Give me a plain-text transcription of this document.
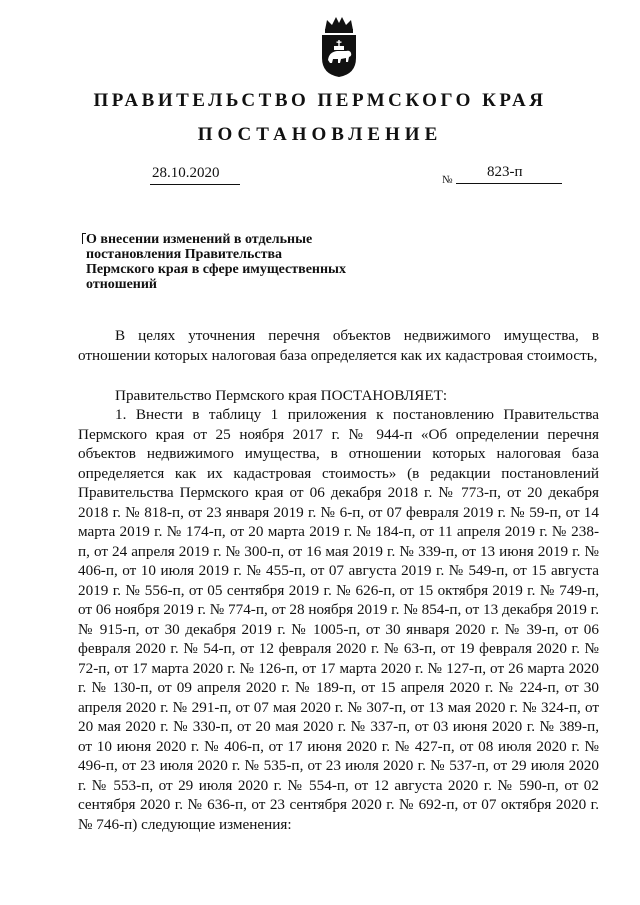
ПРАВИТЕЛЬСТВО ПЕРМСКОГО КРАЯ
ПОСТАНОВЛЕНИЕ
28.10.2020	№ 823-п
О внесении изменений в отдельные постановления Правительства Пермского края в сфере имущественных отношений

В целях уточнения перечня объектов недвижимого имущества, в отношении которых налоговая база определяется как их кадастровая стоимость,

Правительство Пермского края ПОСТАНОВЛЯЕТ:

1. Внести в таблицу 1 приложения к постановлению Правительства Пермского края от 25 ноября 2017 г. № 944-п «Об определении перечня объектов недвижимого имущества, в отношении которых налоговая база определяется как их кадастровая стоимость» (в редакции постановлений Правительства Пермского края от 06 декабря 2018 г. № 773-п, от 20 декабря 2018 г. № 818-п, от 23 января 2019 г. № 6-п, от 07 февраля 2019 г. № 59-п, от 14 марта 2019 г. № 174-п, от 20 марта 2019 г. № 184-п, от 11 апреля 2019 г. № 238-п, от 24 апреля 2019 г. № 300-п, от 16 мая 2019 г. № 339-п, от 13 июня 2019 г. № 406-п, от 10 июля 2019 г. № 455-п, от 07 августа 2019 г. № 549-п, от 15 августа 2019 г. № 556-п, от 05 сентября 2019 г. № 626-п, от 15 октября 2019 г. № 749-п, от 06 ноября 2019 г. № 774-п, от 28 ноября 2019 г. № 854-п, от 13 декабря 2019 г. № 915-п, от 30 декабря 2019 г. № 1005-п, от 30 января 2020 г. № 39-п, от 06 февраля 2020 г. № 54-п, от 12 февраля 2020 г. № 63-п, от 19 февраля 2020 г. № 72-п, от 17 марта 2020 г. № 126-п, от 17 марта 2020 г. № 127-п, от 26 марта 2020 г. № 130-п, от 09 апреля 2020 г. № 189-п, от 15 апреля 2020 г. № 224-п, от 30 апреля 2020 г. № 291-п, от 07 мая 2020 г. № 307-п, от 13 мая 2020 г. № 324-п, от 20 мая 2020 г. № 330-п, от 20 мая 2020 г. № 337-п, от 03 июня 2020 г. № 389-п, от 10 июня 2020 г. № 406-п, от 17 июня 2020 г. № 427-п, от 08 июля 2020 г. № 496-п, от 23 июля 2020 г. № 535-п, от 23 июля 2020 г. № 537-п, от 29 июля 2020 г. № 553-п, от 29 июля 2020 г. № 554-п, от 12 августа 2020 г. № 590-п, от 02 сентября 2020 г. № 636-п, от 23 сентября 2020 г. № 692-п, от 07 октября 2020 г. № 746-п) следующие изменения:
